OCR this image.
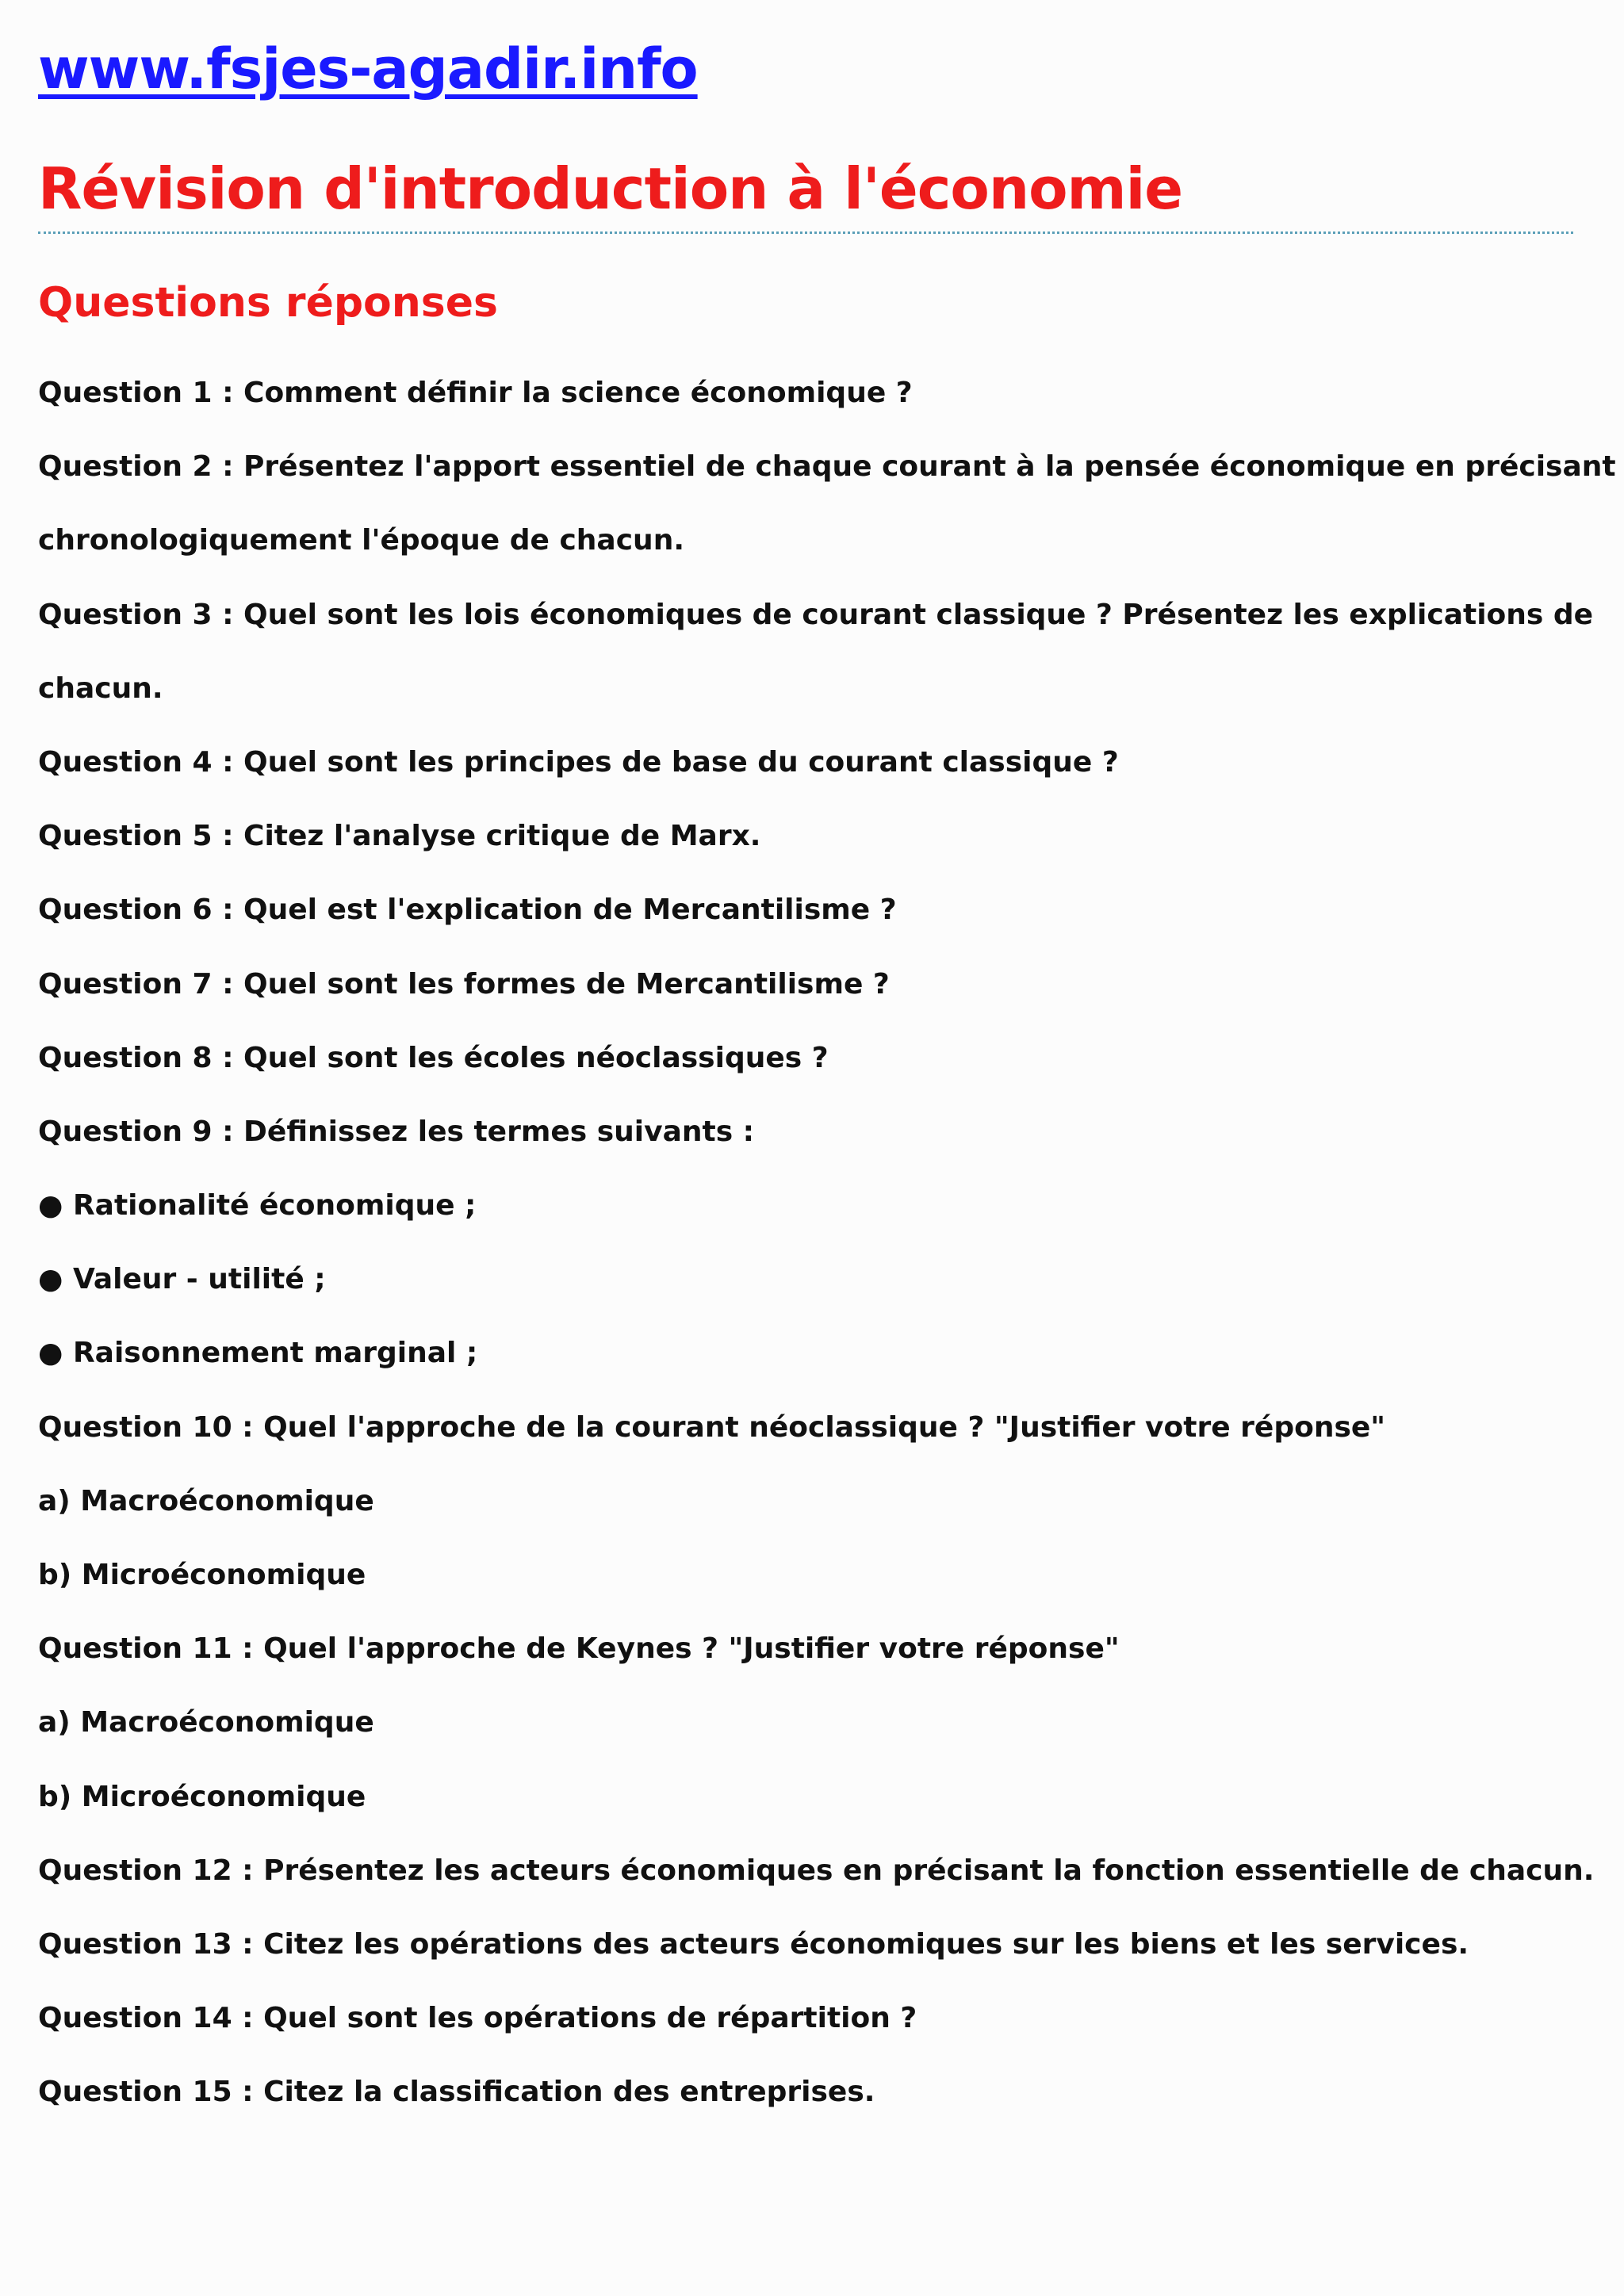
www.fsjes-agadir.info
Révision d'introduction à l'économie
Questions réponses
Question 1 : Comment définir la science économique ?
Question 2 : Présentez l'apport essentiel de chaque courant à la pensée économique en précisant
chronologiquement l'époque de chacun.
Question 3 : Quel sont les lois économiques de courant classique ? Présentez les explications de
chacun.
Question 4 : Quel sont les principes de base du courant classique ?
Question 5 : Citez l'analyse critique de Marx.
Question 6 : Quel est l'explication de Mercantilisme ?
Question 7 : Quel sont les formes de Mercantilisme ?
Question 8 : Quel sont les écoles néoclassiques ?
Question 9 : Définissez les termes suivants :
● Rationalité économique ;
● Valeur - utilité ;
● Raisonnement marginal ;
Question 10 : Quel l'approche de la courant néoclassique ? "Justifier votre réponse"
a) Macroéconomique
b) Microéconomique
Question 11 : Quel l'approche de Keynes ? "Justifier votre réponse"
a) Macroéconomique
b) Microéconomique
Question 12 : Présentez les acteurs économiques en précisant la fonction essentielle de chacun.
Question 13 : Citez les opérations des acteurs économiques sur les biens et les services.
Question 14 : Quel sont les opérations de répartition ?
Question 15 : Citez la classification des entreprises.
